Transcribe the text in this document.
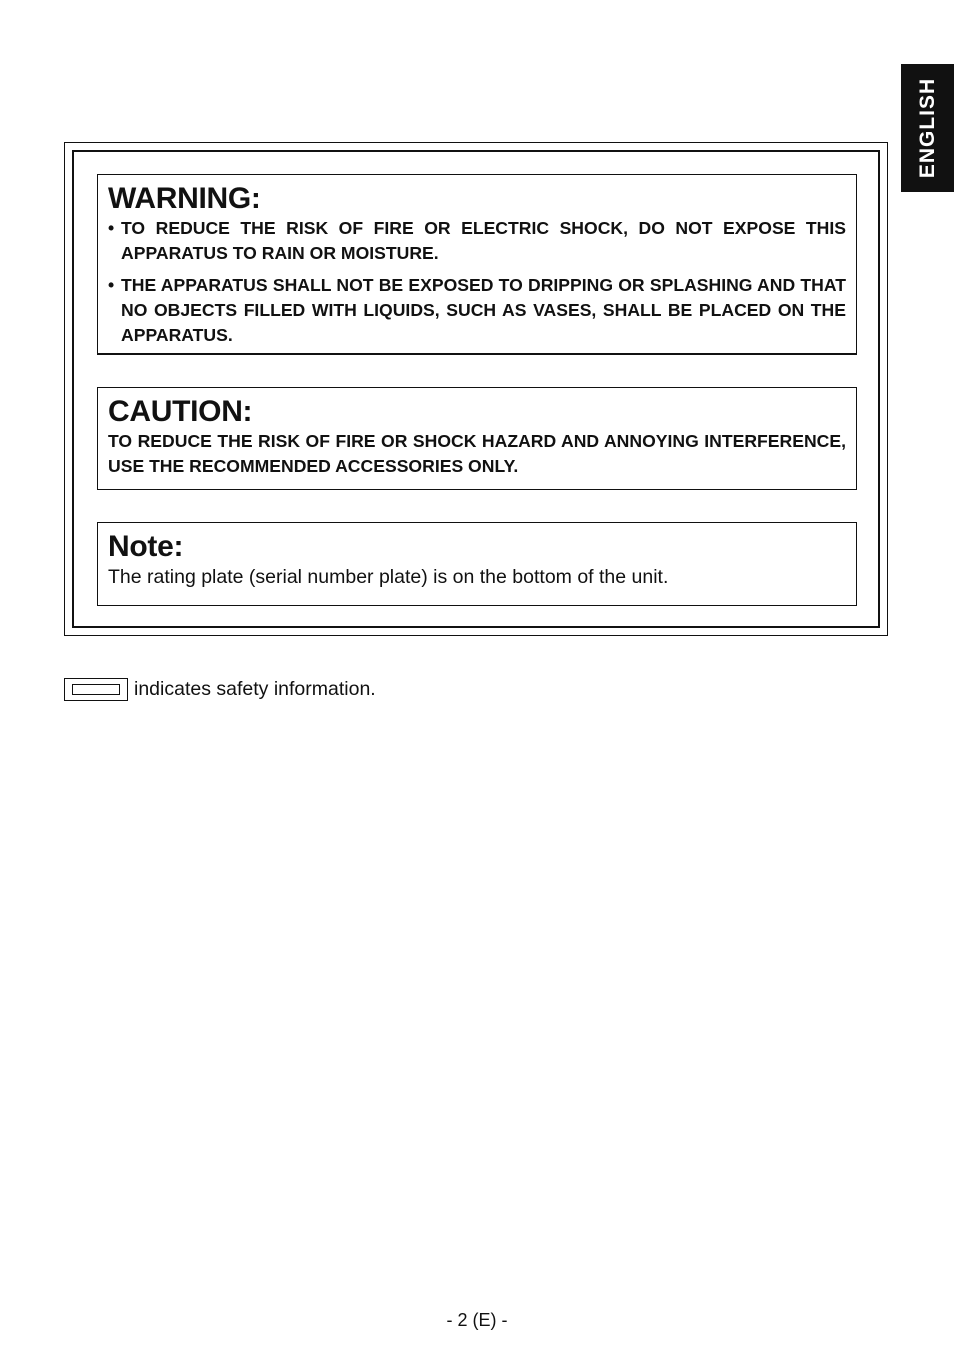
ENGLISH
WARNING:
• TO REDUCE THE RISK OF FIRE OR ELECTRIC SHOCK, DO NOT EXPOSE THIS APPARATUS TO RAIN OR MOISTURE.
• THE APPARATUS SHALL NOT BE EXPOSED TO DRIPPING OR SPLASHING AND THAT NO OBJECTS FILLED WITH LIQUIDS, SUCH AS VASES, SHALL BE PLACED ON THE APPARATUS.
CAUTION:

TO REDUCE THE RISK OF FIRE OR SHOCK HAZARD AND ANNOYING INTERFERENCE, USE THE RECOMMENDED ACCESSORIES ONLY.

Note:

The rating plate (serial number plate) is on the bottom of the unit.

indicates safety information.
- 2 (E) -
